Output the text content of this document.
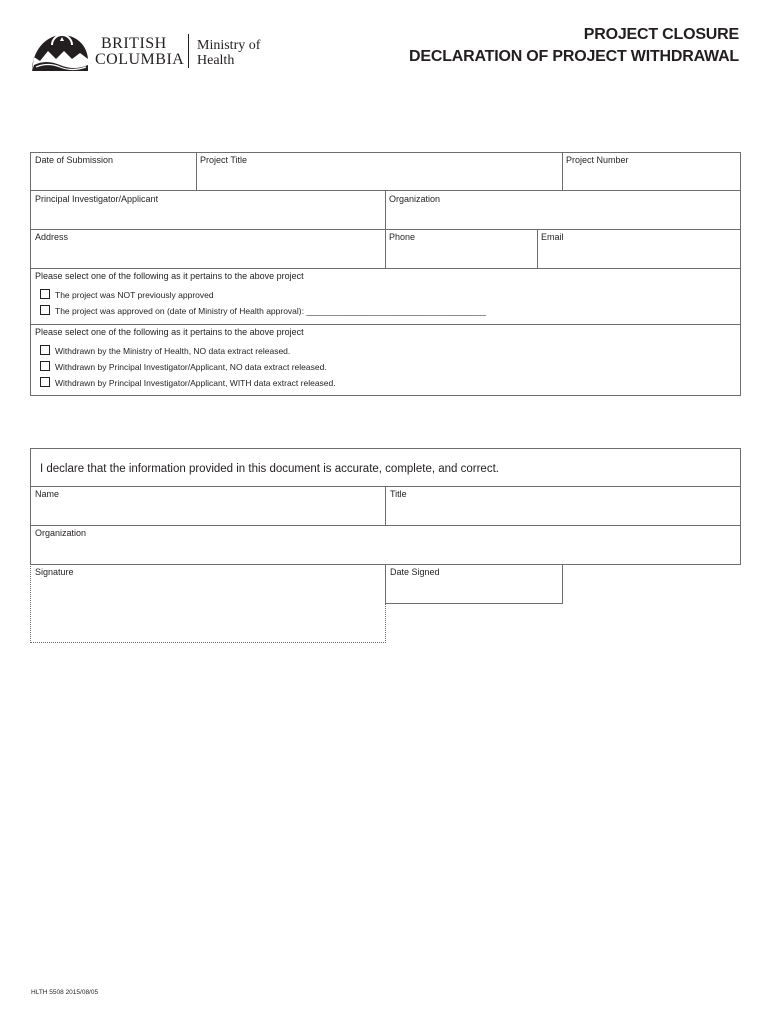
BRITISH
COLUMBIA
Ministry of
Health
PROJECT CLOSURE
DECLARATION OF PROJECT WITHDRAWAL
Date of Submission	Project Title	Project Number
Principal Investigator/Applicant	Organization
Address	Phone	Email
Please select one of the following as it pertains to the above project
The project was NOT previously approved
The project was approved on (date of Ministry of Health approval): ______________________________________
Please select one of the following as it pertains to the above project
Withdrawn by the Ministry of Health, NO data extract released.
Withdrawn by Principal Investigator/Applicant, NO data extract released.
Withdrawn by Principal Investigator/Applicant, WITH data extract released.
I declare that the information provided in this document is accurate, complete, and correct.
Name	Title
Organization
Signature	Date Signed
HLTH 5508 2015/08/05
